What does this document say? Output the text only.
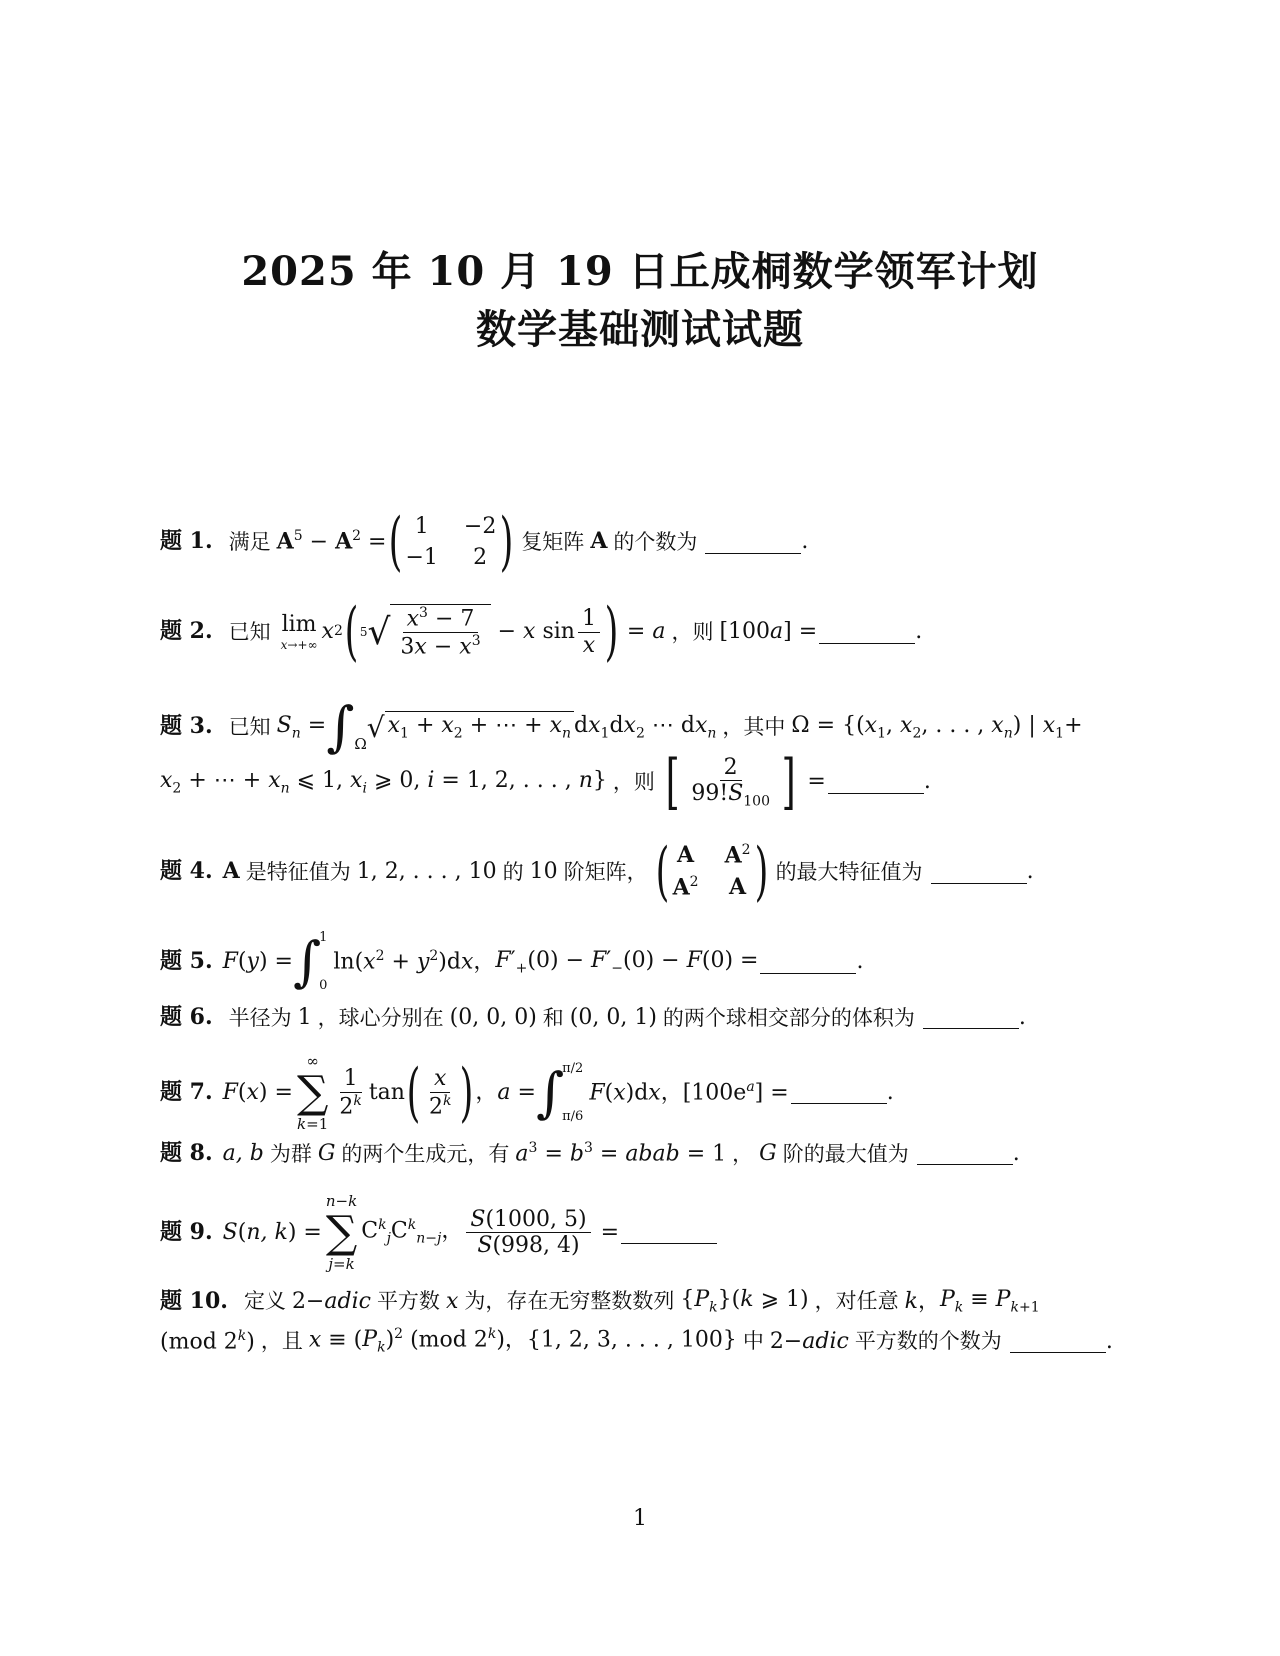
2025 年 10 月 19 日丘成桐数学领军计划
数学基础测试试题
题 1. 满足 $A^5 - A^2$ = ( 1	−2
−1	2 ) 复矩阵 A 的个数为	.
题 2. 已知 lim
x→+∞
x 2 ( 5 √ $\frac{x^3 - 7}{3x - x^3} - x$ $\sin \frac{1}{x}$ ) = a ，则 [100a] =	.
题 3. 已知 $S_n = \int_\Omega$
√ $x_1 + x_2$ + ⋯ + $x_n$ $dx_1dx_2$ ⋯ $dx_n$ ，其中 $\Omega = \{(x_1$, $x_2$, . . . , $x_n$) | $x_1+$
$x_2$ + ⋯ + $x_n$ ⩽ 1, $x_i$ ⩾ 0, i = 1, 2, . . . , n} ，则 [ $\frac{2}{99!S_{100}}$ ] =	.
题 4. A 是特征值为 1, 2, . . . , 10 的 10 阶矩阵， ( A $A^2$
$A^2$ A ) 的最大特征值为	.
题 5. F(y) = ∫
1
0
$\ln(x^2 + y^2)dx$， $F'_+(0) - F'_-(0) - F(0)$ =	.
题 6. 半径为 1 ，球心分别在 (0, 0, 0) 和 (0, 0, 1) 的两个球相交部分的体积为	.
题 7. F(x) =
∞
∑
k=1
$\frac{1}{2^k}$ tan ( $\frac{x}{2^k}$ ) ，a = ∫
π/2
π/6
F(x)dx，$[100e^a]$ =	.
题 8. a, b 为群 G 的两个生成元，有 $a^3 = b^3$ = abab = 1 ， G 阶的最大值为	.
题 9. S(n, k) =
n−k
∑
j=k
$C^k_jC^k_{n-j}$， $\frac{S(1000, 5)}{S(998, 4)}$ =
题 10. 定义 2−adic 平方数 x 为，存在无穷整数数列 $\{P_k\}(k$ ⩾ 1) ，对任意 k ， $P_k \equiv P_{k+1}$
(mod 2$^k$) ，且 $x \equiv (P_k)^2$ (mod 2$^k$)，{1, 2, 3, . . . , 100} 中 2−adic 平方数的个数为	.
1
